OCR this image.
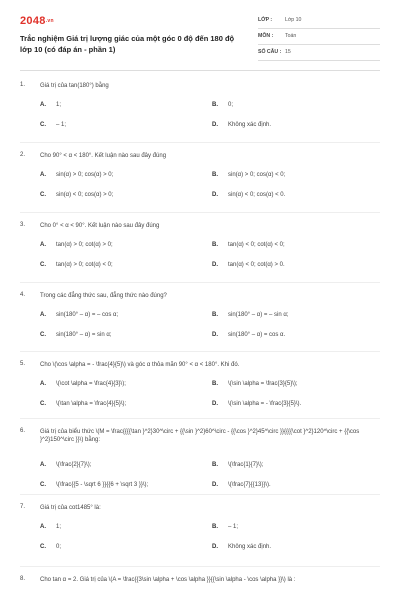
2048.vn
Trắc nghiệm Giá trị lượng giác của một góc 0 độ đến 180 độ lớp 10 (có đáp án - phần 1)
LỚP : Lớp 10
MÔN : Toán
SỐ CÂU : 15
1. Giá trị của tan(180°) bằng
A. 1;	B. 0;
C. – 1;	D. Không xác định.
2. Cho 90° < α < 180°. Kết luận nào sau đây đúng
A. sin(α) > 0; cos(α) > 0;	B. sin(α) > 0; cos(α) < 0;
C. sin(α) < 0; cos(α) > 0;	D. sin(α) < 0; cos(α) < 0.
3. Cho 0° < α < 90°. Kết luận nào sau đây đúng
A. tan(α) > 0; cot(α) > 0;	B. tan(α) < 0; cot(α) < 0;
C. tan(α) > 0; cot(α) < 0;	D. tan(α) < 0; cot(α) > 0.
4. Trong các đẳng thức sau, đẳng thức nào đúng?
A. sin(180° – α) = – cos α;	B. sin(180° – α) = – sin α;
C. sin(180° – α) = sin α;	D. sin(180° – α) = cos α.
5. Cho \(\cos \alpha = - \frac{4}{5}\) và góc α thỏa mãn 90° < α < 180°. Khi đó.
A. \(\cot \alpha = \frac{4}{3}\);	B. \(\sin \alpha = \frac{3}{5}\);
C. \(\tan \alpha = \frac{4}{5}\);	D. \(\sin \alpha = - \frac{3}{5}\).
6. Giá trị của biểu thức \(M = \frac{{{{\tan }^2}30^\circ + {{\sin }^2}60^\circ - {{\cos }^2}45^\circ }}{{{{\cot }^2}120^\circ + {{\cos }^2}150^\circ }}\) bằng:
A. \(\frac{2}{7}\);	B. \(\frac{1}{7}\);
C. \(\frac{{5 - \sqrt 6 }}{{6 + \sqrt 3 }}\);	D. \(\frac{7}{{13}}\).
7. Giá trị của cot1485° là:
A. 1;	B. – 1;
C. 0;	D. Không xác định.
8. Cho tan α = 2. Giá trị của \(A = \frac{{3\sin \alpha + \cos \alpha }}{{\sin \alpha - \cos \alpha }}\) là :
